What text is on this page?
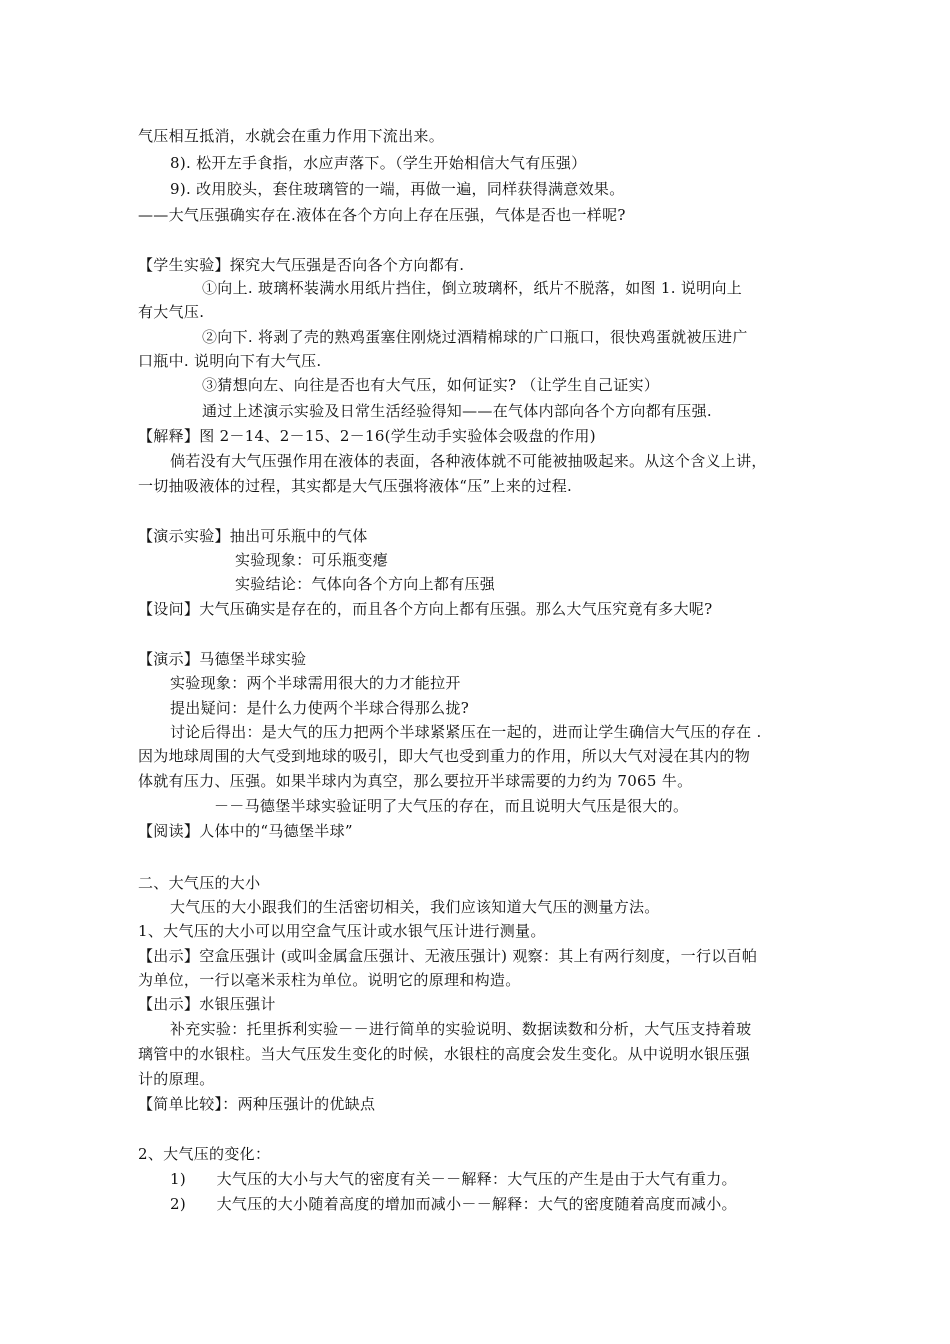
气压相互抵消，水就会在重力作用下流出来。
8). 松开左手食指，水应声落下。（学生开始相信大气有压强）
9). 改用胶头，套住玻璃管的一端，再做一遍，同样获得满意效果。
——大气压强确实存在.液体在各个方向上存在压强，气体是否也一样呢?
【学生实验】探究大气压强是否向各个方向都有.
①向上. 玻璃杯装满水用纸片挡住，倒立玻璃杯，纸片不脱落，如图 1. 说明向上
有大气压.
②向下. 将剥了壳的熟鸡蛋塞住刚烧过酒精棉球的广口瓶口，很快鸡蛋就被压进广
口瓶中. 说明向下有大气压.
③猜想向左、向往是否也有大气压，如何证实? （让学生自己证实）
通过上述演示实验及日常生活经验得知——在气体内部向各个方向都有压强.
【解释】图 2－14、2－15、2－16(学生动手实验体会吸盘的作用)
倘若没有大气压强作用在液体的表面，各种液体就不可能被抽吸起来。从这个含义上讲，
一切抽吸液体的过程，其实都是大气压强将液体“压”上来的过程.
【演示实验】抽出可乐瓶中的气体
实验现象：可乐瓶变瘪
实验结论：气体向各个方向上都有压强
【设问】大气压确实是存在的，而且各个方向上都有压强。那么大气压究竟有多大呢?
【演示】马德堡半球实验
实验现象：两个半球需用很大的力才能拉开
提出疑问：是什么力使两个半球合得那么拢?
讨论后得出：是大气的压力把两个半球紧紧压在一起的，进而让学生确信大气压的存在 .
因为地球周围的大气受到地球的吸引，即大气也受到重力的作用，所以大气对浸在其内的物
体就有压力、压强。如果半球内为真空，那么要拉开半球需要的力约为 7065 牛。
－－马德堡半球实验证明了大气压的存在，而且说明大气压是很大的。
【阅读】人体中的“马德堡半球”
二、大气压的大小
大气压的大小跟我们的生活密切相关，我们应该知道大气压的测量方法。
1、大气压的大小可以用空盒气压计或水银气压计进行测量。
【出示】空盒压强计 (或叫金属盒压强计、无液压强计) 观察：其上有两行刻度，一行以百帕
为单位，一行以毫米汞柱为单位。说明它的原理和构造。
【出示】水银压强计
补充实验：托里拆利实验－－进行简单的实验说明、数据读数和分析，大气压支持着玻
璃管中的水银柱。当大气压发生变化的时候，水银柱的高度会发生变化。从中说明水银压强
计的原理。
【简单比较】：两种压强计的优缺点
2、大气压的变化：
1)　　大气压的大小与大气的密度有关－－解释：大气压的产生是由于大气有重力。
2)　　大气压的大小随着高度的增加而减小－－解释：大气的密度随着高度而减小。
